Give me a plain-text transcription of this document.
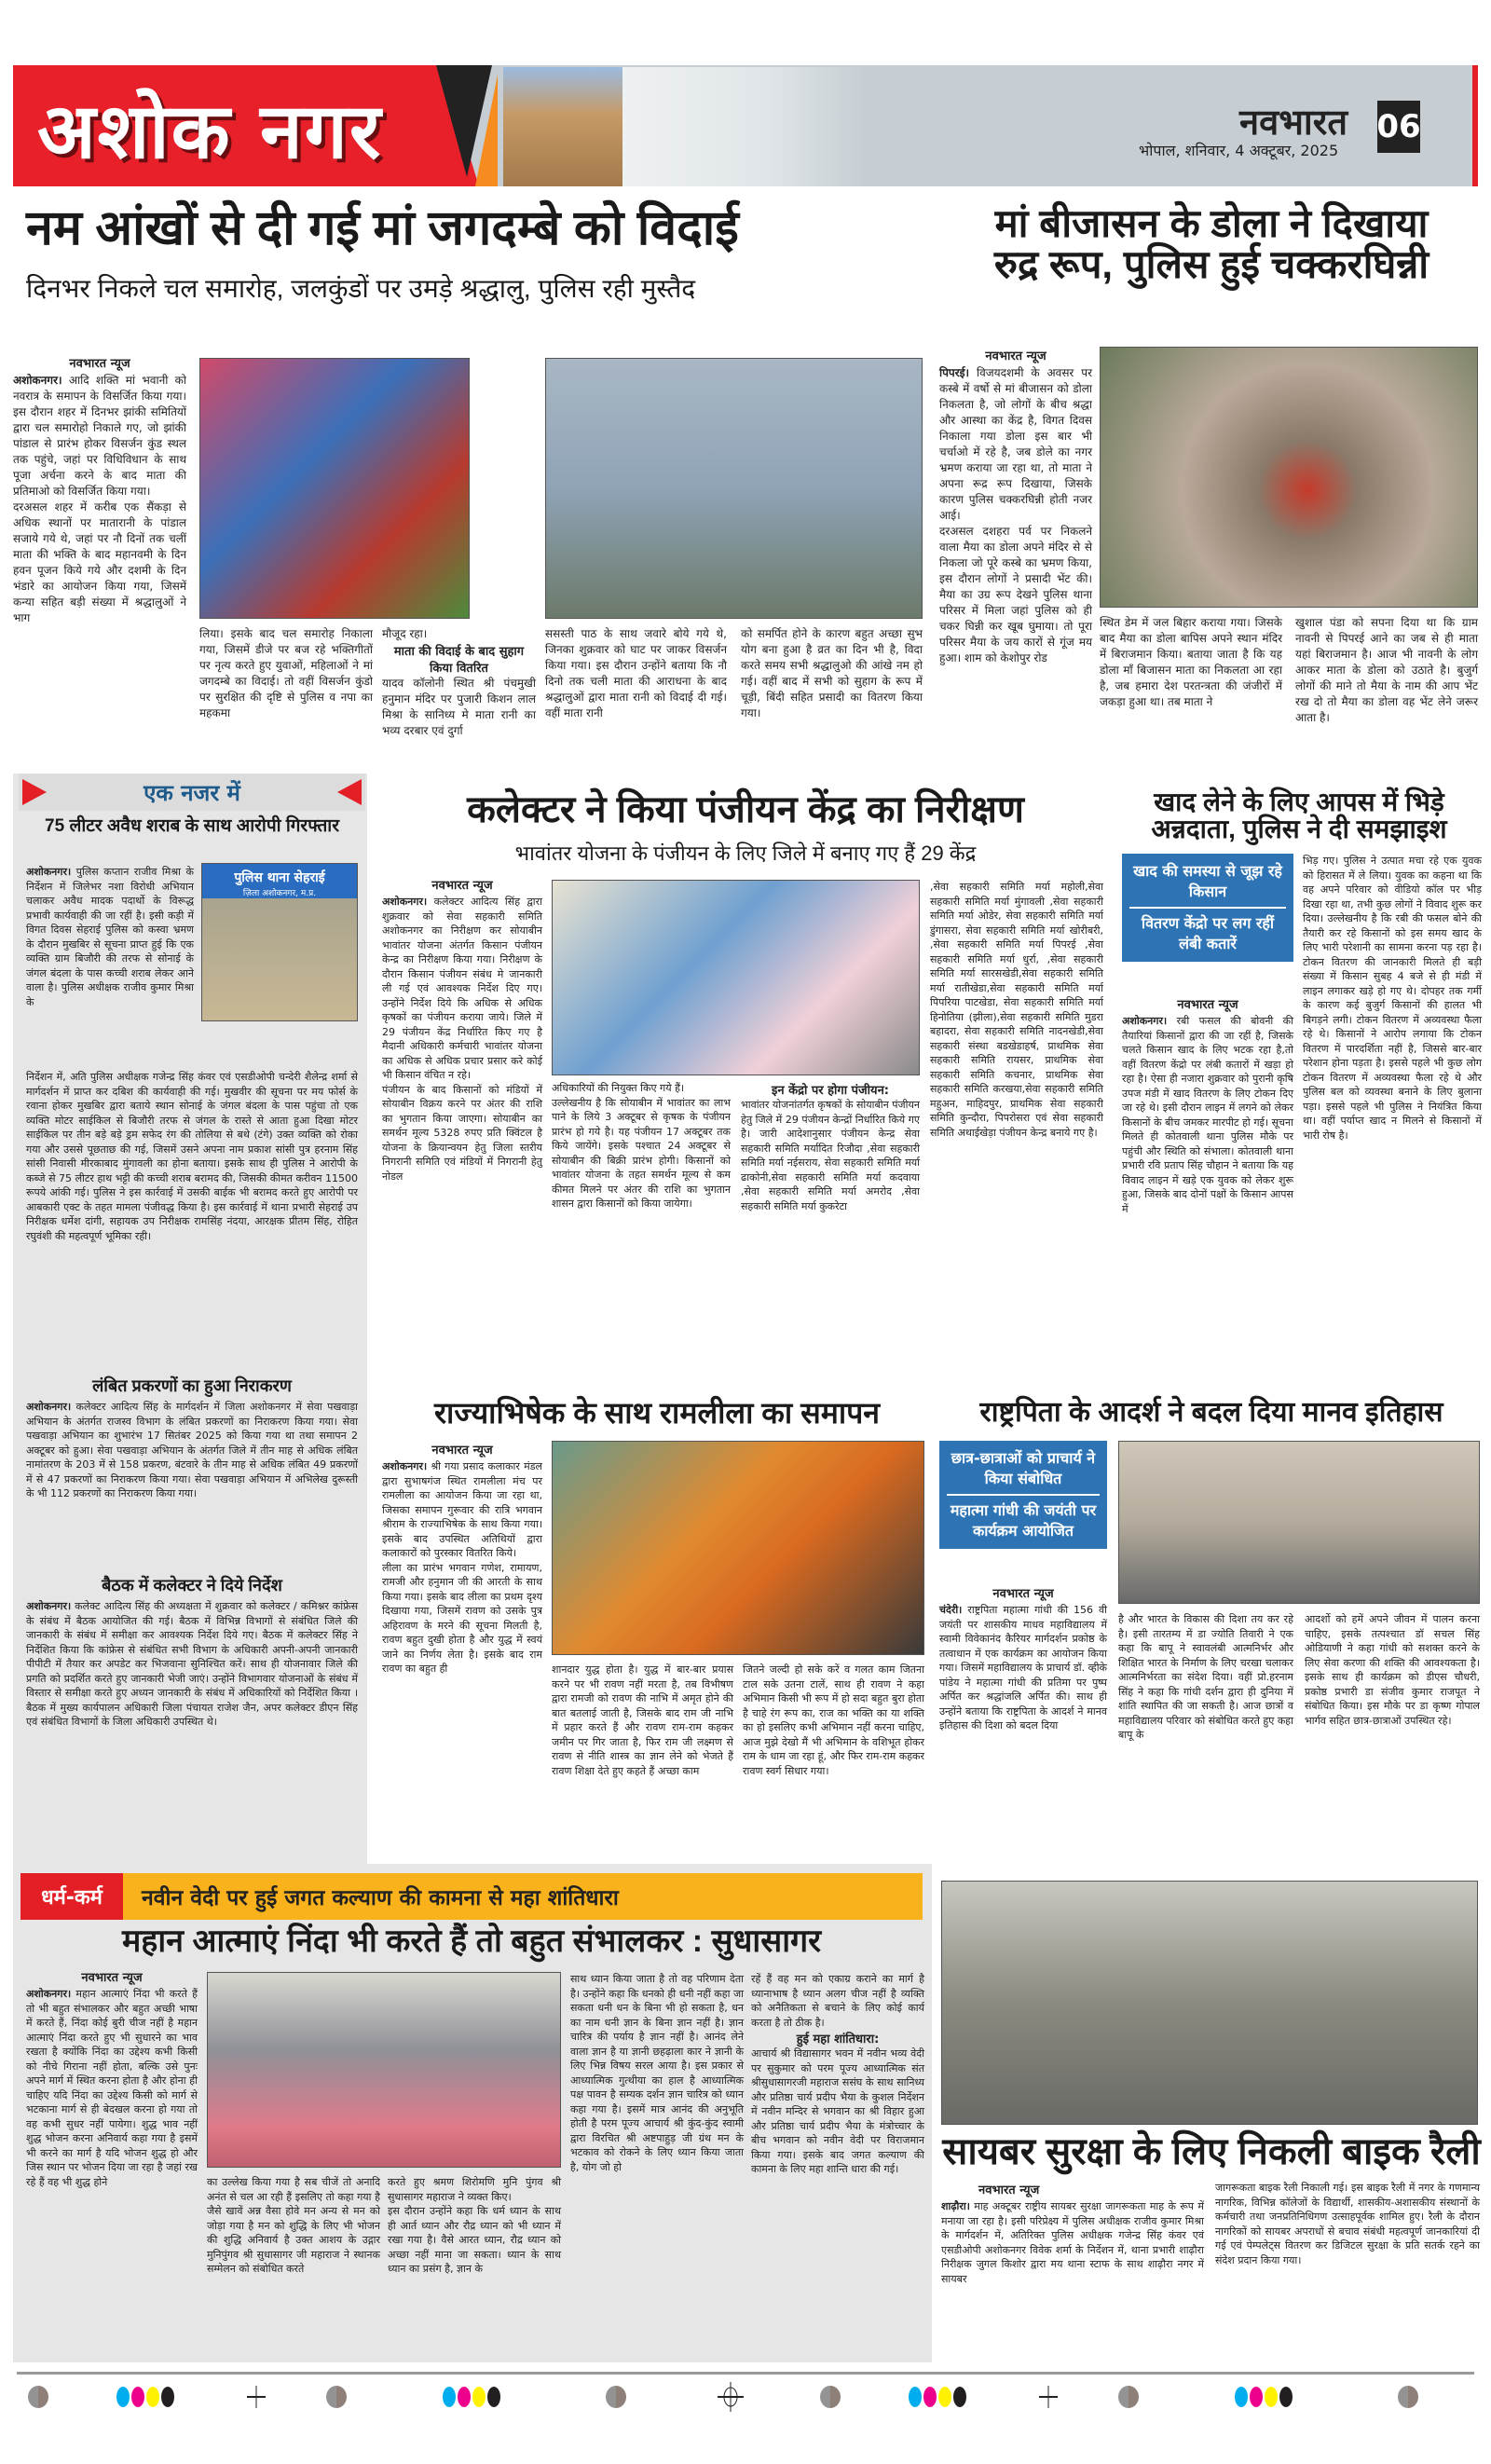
अशोक नगर	नवभारत
भोपाल, शनिवार, 4 अक्टूबर, 2025
06
नम आंखों से दी गई मां जगदम्बे को विदाई
दिनभर निकले चल समारोह, जलकुंडों पर उमड़े श्रद्धालु, पुलिस रही मुस्तैद
नवभारत न्यूज
अशोकनगर। आदि शक्ति मां भवानी को नवरात्र के समापन के विसर्जित किया गया। इस दौरान शहर में दिनभर झांकी समितियों द्वारा चल समारोहो निकाले गए, जो झांकी पांडाल से प्रारंभ होकर विसर्जन कुंड स्थल तक पहुंचे, जहां पर विधिविधान के साथ पूजा अर्चना करने के बाद माता की प्रतिमाओ को विसर्जित किया गया।
दरअसल शहर में करीब एक सैंकड़ा से अधिक स्थानों पर मातारानी के पांडाल सजाये गये थे, जहां पर नौ दिनों तक चलीं माता की भक्ति के बाद महानवमी के दिन हवन पूजन किये गये और दशमी के दिन भंडारे का आयोजन किया गया, जिसमें कन्या सहित बड़ी संख्या में श्रद्धालुओं ने भाग
लिया। इसके बाद चल समारोह निकाला गया, जिसमें डीजे पर बज रहे भक्तिगीतों पर नृत्य करते हुए युवाओं, महिलाओं ने मां जगदम्बे का विदाई। तो वहीं विसर्जन कुंडो पर सुरक्षित की दृष्टि से पुलिस व नपा का महकमा
मौजूद रहा।
माता की विदाई के बाद सुहाग किया वितरित
यादव कॉलोनी स्थित श्री पंचमुखी हनुमान मंदिर पर पुजारी किशन लाल मिश्रा के सानिध्य मे माता रानी का भव्य दरबार एवं दुर्गा
ससस्ती पाठ के साथ जवारे बोये गये थे, जिनका शुक्रवार को घाट पर जाकर विसर्जन किया गया। इस दौरान उन्होंने बताया कि नौ दिनो तक चली माता की आराधना के बाद श्रद्धालुओं द्वारा माता रानी को विदाई दी गई। वहीं माता रानी
को समर्पित होने के कारण बहुत अच्छा सुभ योग बना हुआ है व्रत का दिन भी है, विदा करते समय सभी श्रद्धालुओ की आंखे नम हो गई। वहीं बाद में सभी को सुहाग के रूप में चूड़ी, बिंदी सहित प्रसादी का वितरण किया गया।
मां बीजासन के डोला ने दिखाया
रुद्र रूप, पुलिस हुई चक्करघिन्नी
नवभारत न्यूज
पिपरई। विजयदशमी के अवसर पर कस्बे में वर्षो से मां बीजासन को डोला निकलता है, जो लोगों के बीच श्रद्धा और आस्था का केंद्र है, विगत दिवस निकाला गया डोला इस बार भी चर्चाओ में रहे है, जब डोले का नगर भ्रमण कराया जा रहा था, तो माता ने अपना रूद्र रूप दिखाया, जिसके कारण पुलिस चक्करघिन्नी होती नजर आई।
दरअसल दशहरा पर्व पर निकलने वाला मैया का डोला अपने मंदिर से से निकला जो पूरे कस्बे का भ्रमण किया, इस दौरान लोगों ने प्रसादी भेंट की। मैया का उग्र रूप देखने पुलिस थाना परिसर में मिला जहां पुलिस को ही चकर घिन्नी कर खूब घुमाया। तो पूरा परिसर मैया के जय कारों से गूंज मय हुआ। शाम को केशोपुर रोड
स्थित डेम में जल बिहार कराया गया। जिसके बाद मैया का डोला बापिस अपने स्थान मंदिर में बिराजमान किया। बताया जाता है कि यह डोला माँ बिजासन माता का निकलता आ रहा है, जब हमारा देश परतन्त्रता की जंजीरों में जकड़ा हुआ था। तब माता ने
खुशाल पंडा को सपना दिया था कि ग्राम नावनी से पिपरई आने का जब से ही माता यहां बिराजमान है। आज भी नावनी के लोग आकर माता के डोला को उठाते है। बुजुर्ग लोगों की माने तो मैया के नाम की आप भेंट रख दो तो मैया का डोला वह भेंट लेने जरूर आता है।
एक नजर में
75 लीटर अवैध शराब के साथ आरोपी गिरफ्तार
अशोकनगर। पुलिस कप्तान राजीव मिश्रा के निर्देशन में जिलेभर नशा विरोधी अभियान चलाकर अवैध मादक पदार्थो के विरूद्ध प्रभावी कार्यवाही की जा रहीं है। इसी कड़ी में विगत दिवस सेहराई पुलिस को कस्वा भ्रमण के दौरान मुखबिर से सूचना प्राप्त हुई कि एक व्यक्ति ग्राम बिजौरी की तरफ से सोनाई के जंगल बंदला के पास कच्ची शराब लेकर आने वाला है। पुलिस अधीक्षक राजीव कुमार मिश्रा के
पुलिस थाना सेहराई
ज़िला अशोकनगर, म.प्र.
निर्देशन में, अति पुलिस अधीक्षक गजेन्द्र सिंह कंवर एवं एसडीओपी चन्देरी शैलेन्द्र शर्मा से मार्गदर्शन में प्राप्त कर दबिश की कार्यवाही की गई। मुखवीर की सूचना पर मय फोर्स के रवाना होकर मुखबिर द्वारा बताये स्थान सोनाई के जंगल बंदला के पास पहुंचा तो एक व्यक्ति मोटर साईकिल से बिजौरी तरफ से जंगल के रास्ते से आता हुआ दिखा मोटर साईकिल पर तीन बड़े बड़े ड्रम सफेद रंग की तोलिया से बथे (टंगे) उक्त व्यक्ति को रोका गया और उससे पूछताछ की गई, जिसमें उसने अपना नाम प्रकाश सांसी पुत्र हरनाम सिंह सांसी निवासी मीरकाबाद मुंगावली का होना बताया। इसके साथ ही पुलिस ने आरोपी के कब्जे से 75 लीटर हाथ भट्टी की कच्ची शराब बरामद की, जिसकी कीमत करीवन 11500 रूपये आंकी गई। पुलिस ने इस कार्रवाई में उसकी बाईक भी बरामद करते हुए आरोपी पर आबकारी एक्ट के तहत मामला पंजीवद्ध किया है। इस कार्रवाई में थाना प्रभारी सेहराई उप निरीक्षक धर्मेश दांगी, सहायक उप निरीक्षक रामसिंह नंदया, आरक्षक प्रीतम सिंह, रोहित रघुवंशी की महत्वपूर्ण भूमिका रही।
लंबित प्रकरणों का हुआ निराकरण
अशोकनगर। कलेक्टर आदित्य सिंह के मार्गदर्शन में जिला अशोकनगर में सेवा पखवाड़ा अभियान के अंतर्गत राजस्व विभाग के लंबित प्रकरणों का निराकरण किया गया। सेवा पखवाड़ा अभियान का शुभारंभ 17 सितंबर 2025 को किया गया था तथा समापन 2 अक्टूबर को हुआ। सेवा पखवाड़ा अभियान के अंतर्गत जिले में तीन माह से अधिक लंबित नामांतरण के 203 में से 158 प्रकरण, बंटवारे के तीन माह से अधिक लंबित 49 प्रकरणों में से 47 प्रकरणों का निराकरण किया गया। सेवा पखवाड़ा अभियान में अभिलेख दुरूस्ती के भी 112 प्रकरणों का निराकरण किया गया।
बैठक में कलेक्टर ने दिये निर्देश
अशोकनगर। कलेक्ट आदित्य सिंह की अध्यक्षता में शुक्रवार को कलेक्टर / कमिश्नर कांफ्रेस के संबंध में बैठक आयोजित की गई। बैठक में विभिन्न विभागों से संबंधित जिले की जानकारी के संबंध में समीक्षा कर आवश्यक निर्देश दिये गए। बैठक में कलेक्टर सिंह ने निर्देशित किया कि कांफ्रेस से संबंधित सभी विभाग के अधिकारी अपनी-अपनी जानकारी पीपीटी में तैयार कर अपडेट कर भिजवाना सुनिश्चित करें। साथ ही योजनावार जिले की प्रगति को प्रदर्शित करते हुए जानकारी भेजी जाएं। उन्होंने विभागवार योजनाओं के संबंध में विस्तार से समीक्षा करते हुए अध्यन जानकारी के संबंध में अधिकारियों को निर्देशित किया । बैठक में मुख्य कार्यपालन अधिकारी जिला पंचायत राजेश जैन, अपर कलेक्टर डीएन सिंह एवं संबंधित विभागों के जिला अधिकारी उपस्थित थे।
कलेक्टर ने किया पंजीयन केंद्र का निरीक्षण
भावांतर योजना के पंजीयन के लिए जिले में बनाए गए हैं 29 केंद्र
नवभारत न्यूज
अशोकनगर। कलेक्टर आदित्य सिंह द्वारा शुक्रवार को सेवा सहकारी समिति अशोकनगर का निरीक्षण कर सोयाबीन भावांतर योजना अंतर्गत किसान पंजीयन केन्द्र का निरीक्षण किया गया। निरीक्षण के दौरान किसान पंजीयन संबंध मे जानकारी ली गई एवं आवश्यक निर्देश दिए गए। उन्होंने निर्देश दिये कि अधिक से अधिक कृषकों का पंजीयन कराया जाये। जिले में 29 पंजीयन केंद्र निर्धारित किए गए है मैदानी अधिकारी कर्मचारी भावांतर योजना का अधिक से अधिक प्रचार प्रसार करे कोई भी किसान वंचित न रहे।
पंजीयन के बाद किसानों को मंडियों में सोयाबीन विक्रय करने पर अंतर की राशि का भुगतान किया जाएगा। सोयाबीन का समर्थन मूल्य 5328 रुपए प्रति क्विंटल है योजना के क्रियान्वयन हेतु जिला स्तरीय निगरानी समिति एवं मंडियों में निगरानी हेतु नोडल
अधिकारियों की नियुक्त किए गये हैं।
उल्लेखनीय है कि सोयाबीन में भावांतर का लाभ पाने के लिये 3 अक्टूबर से कृषक के पंजीयन प्रारंभ हो गये है। यह पंजीयन 17 अक्टूबर तक किये जायेंगे। इसके पश्चात 24 अक्टूबर से सोयाबीन की बिक्री प्रारंभ होगी। किसानों को भावांतर योजना के तहत समर्थन मूल्य से कम कीमत मिलने पर अंतर की राशि का भुगतान शासन द्वारा किसानों को किया जायेगा।
इन केंद्रो पर होगा पंजीयन:
भावांतर योजनांतर्गत कृषकों के सोयाबीन पंजीयन हेतु जिले में 29 पंजीयन केन्द्रों निर्धारित किये गए है। जारी आदेशानुसार पंजीयन केन्द्र सेवा सहकारी समिति मर्यादित रिजौदा ,सेवा सहकारी समिति मर्या नईसराय, सेवा सहकारी समिति मर्या ढाकोनी,सेवा सहकारी समिति मर्या कदवाया ,सेवा सहकारी समिति मर्या अमरोद ,सेवा सहकारी समिति मर्या कुकरेटा
,सेवा सहकारी समिति मर्या महोली,सेवा सहकारी समिति मर्या मुंगावली ,सेवा सहकारी समिति मर्या ओडेर, सेवा सहकारी समिति मर्या डुंगासरा, सेवा सहकारी समिति मर्या खोरीबरी, ,सेवा सहकारी समिति मर्या पिपरई ,सेवा सहकारी समिति मर्या धुर्रा, ,सेवा सहकारी समिति मर्या सारसखेडी,सेवा सहकारी समिति मर्या रातीखेडा,सेवा सहकारी समिति मर्या पिपरिया पाटखेडा, सेवा सहकारी समिति मर्या हिनोतिया (झीला),सेवा सहकारी समिति मुडरा बहादरा, सेवा सहकारी समिति नादनखेडी,सेवा सहकारी संस्था बडखेडाहर्ष, प्राथमिक सेवा सहकारी समिति रायसर, प्राथमिक सेवा सहकारी समिति कचनार, प्राथमिक सेवा सहकारी समिति करखया,सेवा सहकारी समिति महुअन, माहिदपुर, प्राथमिक सेवा सहकारी समिति कुन्दौरा, पिपरोसरा एवं सेवा सहकारी समिति अथाईखेड़ा पंजीयन केन्द्र बनाये गए है।
खाद लेने के लिए आपस में भिड़े
अन्नदाता, पुलिस ने दी समझाइश
खाद की समस्या से जूझ रहे किसान
वितरण केंद्रो पर लग रहीं लंबी कतारें
नवभारत न्यूज
अशोकनगर। रबी फसल की बोवनी की तैयारियां किसानों द्वारा की जा रहीं है, जिसके चलते किसान खाद के लिए भटक रहा है,तो वहीं वितरण केंद्रो पर लंबी कतारों में खड़ा हो रहा है। ऐसा ही नजारा शुक्रवार को पुरानी कृषि उपज मंडी में खाद वितरण के लिए टोकन दिए जा रहे थे। इसी दौरान लाइन में लगने को लेकर किसानों के बीच जमकर मारपीट हो गई। सूचना मिलते ही कोतवाली थाना पुलिस मौके पर पहुंची और स्थिति को संभाला। कोतवाली थाना प्रभारी रवि प्रताप सिंह चौहान ने बताया कि यह विवाद लाइन में खड़े एक युवक को लेकर शुरू हुआ, जिसके बाद दोनों पक्षों के किसान आपस में
भिड़ गए। पुलिस ने उत्पात मचा रहे एक युवक को हिरासत में ले लिया। युवक का कहना था कि वह अपने परिवार को वीडियो कॉल पर भीड़ दिखा रहा था, तभी कुछ लोगों ने विवाद शुरू कर दिया। उल्लेखनीय है कि रबी की फसल बोने की तैयारी कर रहे किसानों को इस समय खाद के लिए भारी परेशानी का सामना करना पड़ रहा है। टोकन वितरण की जानकारी मिलते ही बड़ी संख्या में किसान सुबह 4 बजे से ही मंडी में लाइन लगाकर खड़े हो गए थे। दोपहर तक गर्मी के कारण कई बुजुर्ग किसानों की हालत भी बिगड़ने लगी। टोकन वितरण में अव्यवस्था फैला रहे थे। किसानों ने आरोप लगाया कि टोकन वितरण में पारदर्शिता नहीं है, जिससे बार-बार परेशान होना पड़ता है। इससे पहले भी कुछ लोग टोकन वितरण में अव्यवस्था फैला रहे थे और पुलिस बल को व्यवस्था बनाने के लिए बुलाना पड़ा। इससे पहले भी पुलिस ने नियंत्रित किया था। वहीं पर्याप्त खाद न मिलने से किसानों में भारी रोष है।
राज्याभिषेक के साथ रामलीला का समापन
नवभारत न्यूज
अशोकनगर। श्री गया प्रसाद कलाकार मंडल द्वारा सुभाषगंज स्थित रामलीला मंच पर रामलीला का आयोजन किया जा रहा था, जिसका समापन गुरूवार की रात्रि भगवान श्रीराम के राज्याभिषेक के साथ किया गया। इसके बाद उपस्थित अतिथियों द्वारा कलाकारों को पुरस्कार वितरित किये।
लीला का प्रारंभ भगवान गणेश, रामायण, रामजी और हनुमान जी की आरती के साथ किया गया। इसके बाद लीला का प्रथम दृश्य दिखाया गया, जिसमें रावण को उसके पुत्र अहिरावण के मरने की सूचना मिलती है, रावण बहुत दुखी होता है और युद्ध में स्वयं जाने का निर्णय लेता है। इसके बाद राम रावण का बहुत ही	शानदार युद्ध होता है। युद्ध में बार-बार प्रयास करने पर भी रावण नहीं मरता है, तब विभीषण द्वारा रामजी को रावण की नाभि में अमृत होने की बात बतलाई जाती है, जिसके बाद राम जी नाभि में प्रहार करते हैं और रावण राम-राम कहकर जमीन पर गिर जाता है, फिर राम जी लक्ष्मण से रावण से नीति शास्त्र का ज्ञान लेने को भेजते हैं रावण शिक्षा देते हुए कहते हैं अच्छा काम
जितने जल्दी हो सके करें व गलत काम जितना टाल सके उतना टालें, साथ ही रावण ने कहा अभिमान किसी भी रूप में हो सदा बहुत बुरा होता है चाहे रंग रूप का, राज का भक्ति का या शक्ति का हो इसलिए कभी अभिमान नहीं करना चाहिए, आज मुझे देखो मैं भी अभिमान के वशिभूत होकर राम के धाम जा रहा हूं, और फिर राम-राम कहकर रावण स्वर्ग सिधार गया।
राष्ट्रपिता के आदर्श ने बदल दिया मानव इतिहास
छात्र-छात्राओं को प्राचार्य ने किया संबोधित
महात्मा गांधी की जयंती पर कार्यक्रम आयोजित
नवभारत न्यूज
चंदेरी। राष्ट्रपिता महात्मा गांधी की 156 वी जयंती पर शासकीय माधव महाविद्यालय में स्वामी विवेकानंद कैरियर मार्गदर्शन प्रकोष्ठ के तत्वाधान में एक कार्यक्रम का आयोजन किया गया। जिसमें महाविद्यालय के प्राचार्य डॉ. व्हीके पांडेय ने महात्मा गांधी की प्रतिमा पर पुष्प अर्पित कर श्रद्धांजलि अर्पित की। साथ ही उन्होंने बताया कि राष्ट्रपिता के आदर्श ने मानव इतिहास की दिशा को बदल दिया
है और भारत के विकास की दिशा तय कर रहे है। इसी तारतम्य में डा ज्योति तिवारी ने एक कहा कि बापू ने स्वावलंबी आत्मनिर्भर और शिक्षित भारत के निर्माण के लिए चरखा चलाकर आत्मनिर्भरता का संदेश दिया। वहीं प्रो.हरनाम सिंह ने कहा कि गांधी दर्शन द्वारा ही दुनिया में शांति स्थापित की जा सकती है। आज छात्रों व महाविद्यालय परिवार को संबोधित करते हुए कहा बापू के
आदर्शो को हमें अपने जीवन में पालन करना चाहिए, इसके तत्पश्चात डॉ सचल सिंह ओडियाणी ने कहा गांधी को सशक्त करने के लिए सेवा करणा की शक्ति की आवश्यकता है। इसके साथ ही कार्यक्रम को डीएस चौधरी, प्रकोष्ठ प्रभारी डा संजीव कुमार राजपूत ने संबोधित किया। इस मौके पर डा कृष्ण गोपाल भार्गव सहित छात्र-छात्राओं उपस्थित रहे।
धर्म-कर्म	नवीन वेदी पर हुई जगत कल्याण की कामना से महा शांतिधारा
महान आत्माएं निंदा भी करते हैं तो बहुत संभालकर : सुधासागर
नवभारत न्यूज
अशोकनगर। महान आत्माएं निंदा भी करते हैं तो भी बहुत संभालकर और बहुत अच्छी भाषा में करते हैं, निंदा कोई बुरी चीज नहीं है महान आत्माएं निंदा करते हुए भी सुधारने का भाव रखता है क्योंकि निंदा का उद्देश्य कभी किसी को नीचे गिराना नहीं होता, बल्कि उसे पुनः अपने मार्ग में स्थित करना होता है और होना ही चाहिए यदि निंदा का उद्देश्य किसी को मार्ग से भटकाना मार्ग से ही बेदखल करना हो गया तो वह कभी सुधर नहीं पायेगा। शुद्ध भाव नहीं शुद्ध भोजन करना अनिवार्य कहा गया है इसमें भी करने का मार्ग है यदि भोजन शुद्ध हो और जिस स्थान पर भोजन दिया जा रहा है जहां रख रहे हैं वह भी शुद्ध होने	का उल्लेख किया गया है सब चीजें तो अनादि अनंत से चल आ रही हैं इसलिए तो कहा गया है जैसे खावें अन्न वैसा होवे मन अन्य से मन को जोड़ा गया है मन को शुद्धि के लिए भी भोजन की शुद्धि अनिवार्य है उक्त आशय के उद्गार मुनिपुंगव श्री सुधासागर जी महाराज ने स्थानक सम्मेलन को संबोधित करते
करते हुए श्रमण शिरोमणि मुनि पुंगव श्री सुधासागर महाराज ने व्यक्त किए।
इस दौरान उन्होंने कहा कि धर्म ध्यान के साथ ही आर्त ध्यान और रौद्र ध्यान को भी ध्यान में रखा गया है। वैसे आरत ध्यान, रौद्र ध्यान को अच्छा नहीं माना जा सकता। ध्यान के साथ ध्यान का प्रसंग है, ज्ञान के
साथ ध्यान किया जाता है तो वह परिणाम देता है। उन्होंने कहा कि धनको ही धनी नहीं कहा जा सकता धनी धन के बिना भी हो सकता है, धन का नाम धनी ज्ञान के बिना ज्ञान नहीं है। ज्ञान चारित्र की पर्याय है ज्ञान नहीं है। आनंद लेने वाला ज्ञान है या ज्ञानी छहढ़ाला कार ने ज्ञानी के लिए भिन्न विषय सरल आया है। इस प्रकार से आध्यात्मिक गुत्थीया का हाल है आध्यात्मिक पक्ष पावन है सम्यक दर्शन ज्ञान चारित्र को ध्यान कहा गया है। इसमें मात्र आनंद की अनुभूति होती है परम पूज्य आचार्य श्री कुंद-कुंद स्वामी द्वारा विरचित श्री अष्टपाहुड़ जी ग्रंथ मन के भटकाव को रोकने के लिए ध्यान किया जाता है, योग जो हो
रहें हैं वह मन को एकाग्र कराने का मार्ग है ध्यानाभाष है ध्यान अलग चीज नहीं है व्यक्ति को अनैतिकता से बचाने के लिए कोई कार्य करता है तो ठीक है।
हुई महा शांतिधारा:
आचार्य श्री विद्यासागर भवन में नवीन भव्य वेदी पर सुकुमार को परम पूज्य आध्यात्मिक संत श्रीसुधासागरजी महाराज ससंघ के साथ सानिध्य और प्रतिष्ठा चार्य प्रदीप भैया के कुशल निर्देशन में नवीन मन्दिर से भगवान का श्री विहार हुआ और प्रतिष्ठा चार्य प्रदीप भैया के मंत्रोच्चार के बीच भगवान को नवीन वेदी पर विराजमान किया गया। इसके बाद जगत कल्याण की कामना के लिए महा शान्ति धारा की गई।	सायबर सुरक्षा के लिए निकली बाइक रैली
नवभारत न्यूज
शाढ़ौरा। माह अक्टूबर राष्ट्रीय सायबर सुरक्षा जागरूकता माह के रूप में मनाया जा रहा है। इसी परिप्रेक्ष्य में पुलिस अधीक्षक राजीव कुमार मिश्रा के मार्गदर्शन में, अतिरिक्त पुलिस अधीक्षक गजेन्द्र सिंह कंवर एवं एसडीओपी अशोकनगर विवेक शर्मा के निर्देशन में, थाना प्रभारी शाढ़ौरा निरीक्षक जुगल किशोर द्वारा मय थाना स्टाफ के साथ शाढ़ौरा नगर में सायबर
जागरूकता बाइक रैली निकाली गई। इस बाइक रैली में नगर के गणमान्य नागरिक, विभिन्न कॉलेजों के विद्यार्थी, शासकीय-अशासकीय संस्थानों के कर्मचारी तथा जनप्रतिनिधिगण उत्साहपूर्वक शामिल हुए। रैली के दौरान नागरिकों को सायबर अपराधों से बचाव संबंधी महत्वपूर्ण जानकारियां दी गई एवं पेम्पलेट्स वितरण कर डिजिटल सुरक्षा के प्रति सतर्क रहने का संदेश प्रदान किया गया।
